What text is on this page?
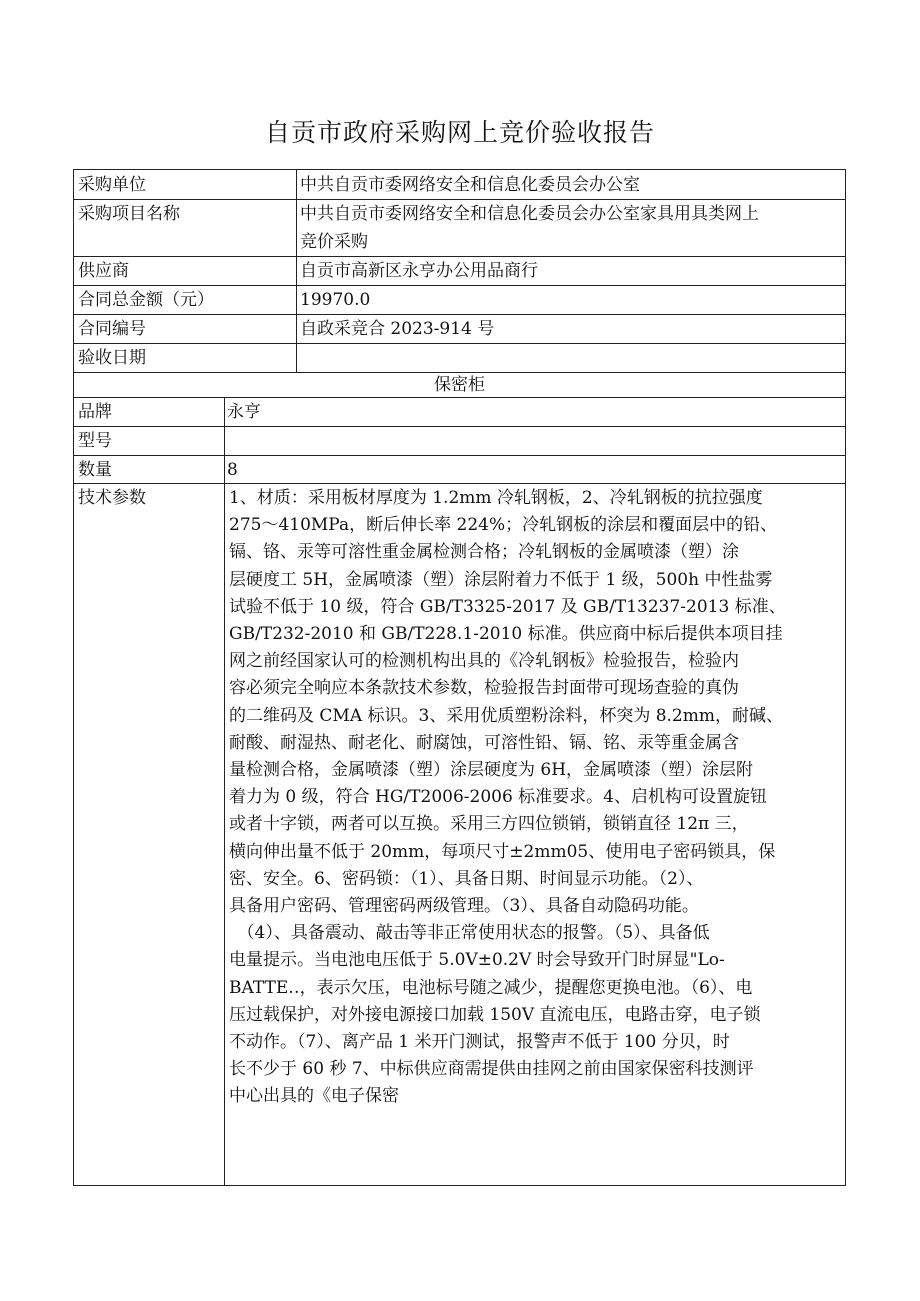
自贡市政府采购网上竞价验收报告
采购单位	中共自贡市委网络安全和信息化委员会办公室
采购项目名称	中共自贡市委网络安全和信息化委员会办公室家具用具类网上
竞价采购
供应商	自贡市高新区永亨办公用品商行
合同总金额（元）	19970.0
合同编号	自政采竞合 2023-914 号
验收日期
保密柜
品牌	永亨
型号
数量	8
技术参数	1、材质：采用板材厚度为 1.2mm 冷轧钢板，2、冷轧钢板的抗拉强度
275～410MPa，断后伸长率 224%；冷轧钢板的涂层和覆面层中的铅、
镉、铬、汞等可溶性重金属检测合格；冷轧钢板的金属喷漆（塑）涂
层硬度工 5H，金属喷漆（塑）涂层附着力不低于 1 级，500h 中性盐雾
试验不低于 10 级，符合 GB/T3325-2017 及 GB/T13237-2013 标准、
GB/T232-2010 和 GB/T228.1-2010 标准。供应商中标后提供本项目挂
网之前经国家认可的检测机构出具的《冷轧钢板》检验报告，检验内
容必须完全响应本条款技术参数，检验报告封面带可现场查验的真伪
的二维码及 CMA 标识。3、采用优质塑粉涂料，杯突为 8.2mm，耐碱、
耐酸、耐湿热、耐老化、耐腐蚀，可溶性铅、镉、铭、汞等重金属含
量检测合格，金属喷漆（塑）涂层硬度为 6H，金属喷漆（塑）涂层附
着力为 0 级，符合 HG/T2006-2006 标准要求。4、启机构可设置旋钮
或者十字锁，两者可以互换。采用三方四位锁销，锁销直径 12π 三，
横向伸出量不低于 20mm，每项尺寸±2mm05、使用电子密码锁具，保
密、安全。6、密码锁：（1）、具备日期、时间显示功能。（2）、
具备用户密码、管理密码两级管理。（3）、具备自动隐码功能。
　（4）、具备震动、敲击等非正常使用状态的报警。（5）、具备低
电量提示。当电池电压低于 5.0V±0.2V 时会导致开门时屏显"Lo-
BATTE‥，表示欠压，电池标号随之减少，提醒您更换电池。（6）、电
压过载保护，对外接电源接口加载 150V 直流电压，电路击穿，电子锁
不动作。（7）、离产品 1 米开门测试，报警声不低于 100 分贝，时
长不少于 60 秒 7、中标供应商需提供由挂网之前由国家保密科技测评
中心出具的《电子保密
